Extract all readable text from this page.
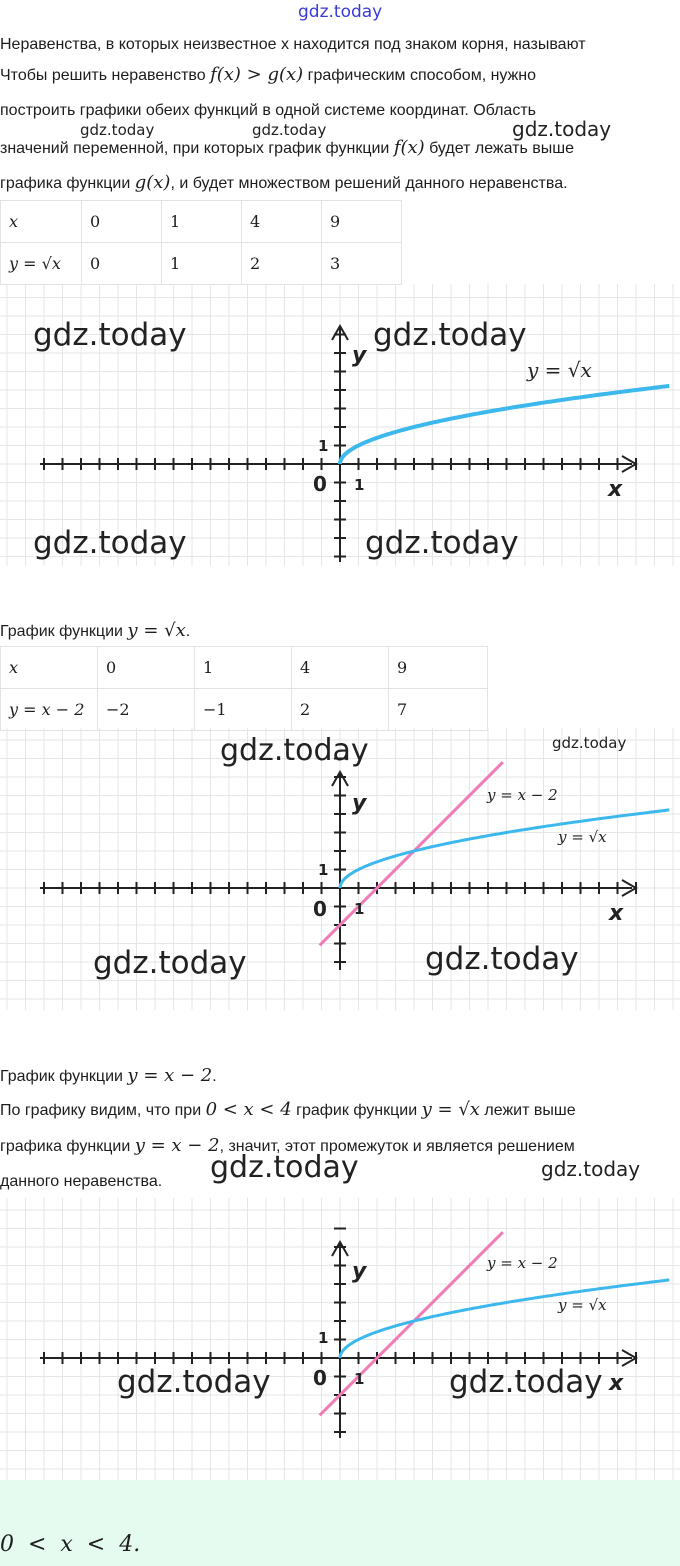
gdz.today
Неравенства, в которых неизвестное x находится под знаком корня, называют
Чтобы решить неравенство f(x) > g(x) графическим способом, нужно
построить графики обеих функций в одной системе координат. Область
значений переменной, при которых график функции f(x) будет лежать выше
графика функции g(x), и будет множеством решений данного неравенства.
gdz.today	gdz.today	gdz.today
x	0	1	4	9
y = √x	0	1	2	3
y
x
0 1
1
y = √x
gdz.today	gdz.today
gdz.today	gdz.today
График функции y = √x.
x	0	1	4	9
y = x − 2	−2	−1	2	7
y
x
0 1
1
y = x − 2
y = √x
gdz.today	gdz.today
gdz.today	gdz.today
График функции y = x − 2.
По графику видим, что при 0 < x < 4 график функции y = √x лежит выше
графика функции y = x − 2, значит, этот промежуток и является решением
данного неравенства.	gdz.today	gdz.today
y
x
0 1
1
y = x − 2
y = √x
gdz.today	gdz.today
0  <  x  <  4.
